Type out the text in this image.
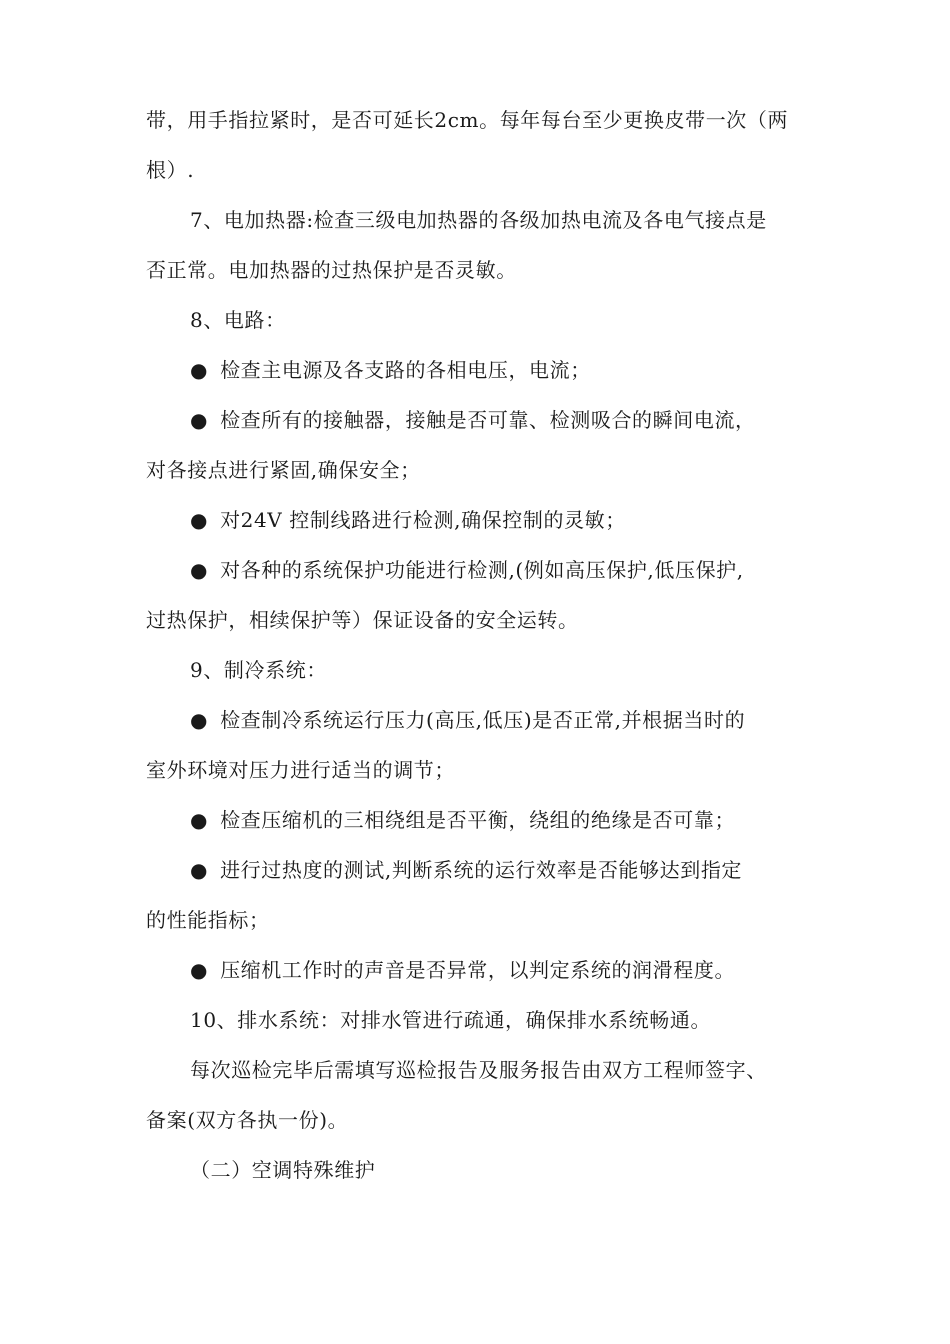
带，用手指拉紧时，是否可延长2cm。每年每台至少更换皮带一次（两
根）.
7、电加热器:检查三级电加热器的各级加热电流及各电气接点是
否正常。电加热器的过热保护是否灵敏。
8、电路：
● 检查主电源及各支路的各相电压，电流；
● 检查所有的接触器，接触是否可靠、检测吸合的瞬间电流，
对各接点进行紧固,确保安全；
● 对24V 控制线路进行检测,确保控制的灵敏；
● 对各种的系统保护功能进行检测,(例如高压保护,低压保护,
过热保护，相续保护等）保证设备的安全运转。
9、制冷系统：
● 检查制冷系统运行压力(高压,低压)是否正常,并根据当时的
室外环境对压力进行适当的调节；
● 检查压缩机的三相绕组是否平衡，绕组的绝缘是否可靠；
● 进行过热度的测试,判断系统的运行效率是否能够达到指定
的性能指标；
● 压缩机工作时的声音是否异常，以判定系统的润滑程度。
10、排水系统：对排水管进行疏通，确保排水系统畅通。
每次巡检完毕后需填写巡检报告及服务报告由双方工程师签字、
备案(双方各执一份)。
（二）空调特殊维护
